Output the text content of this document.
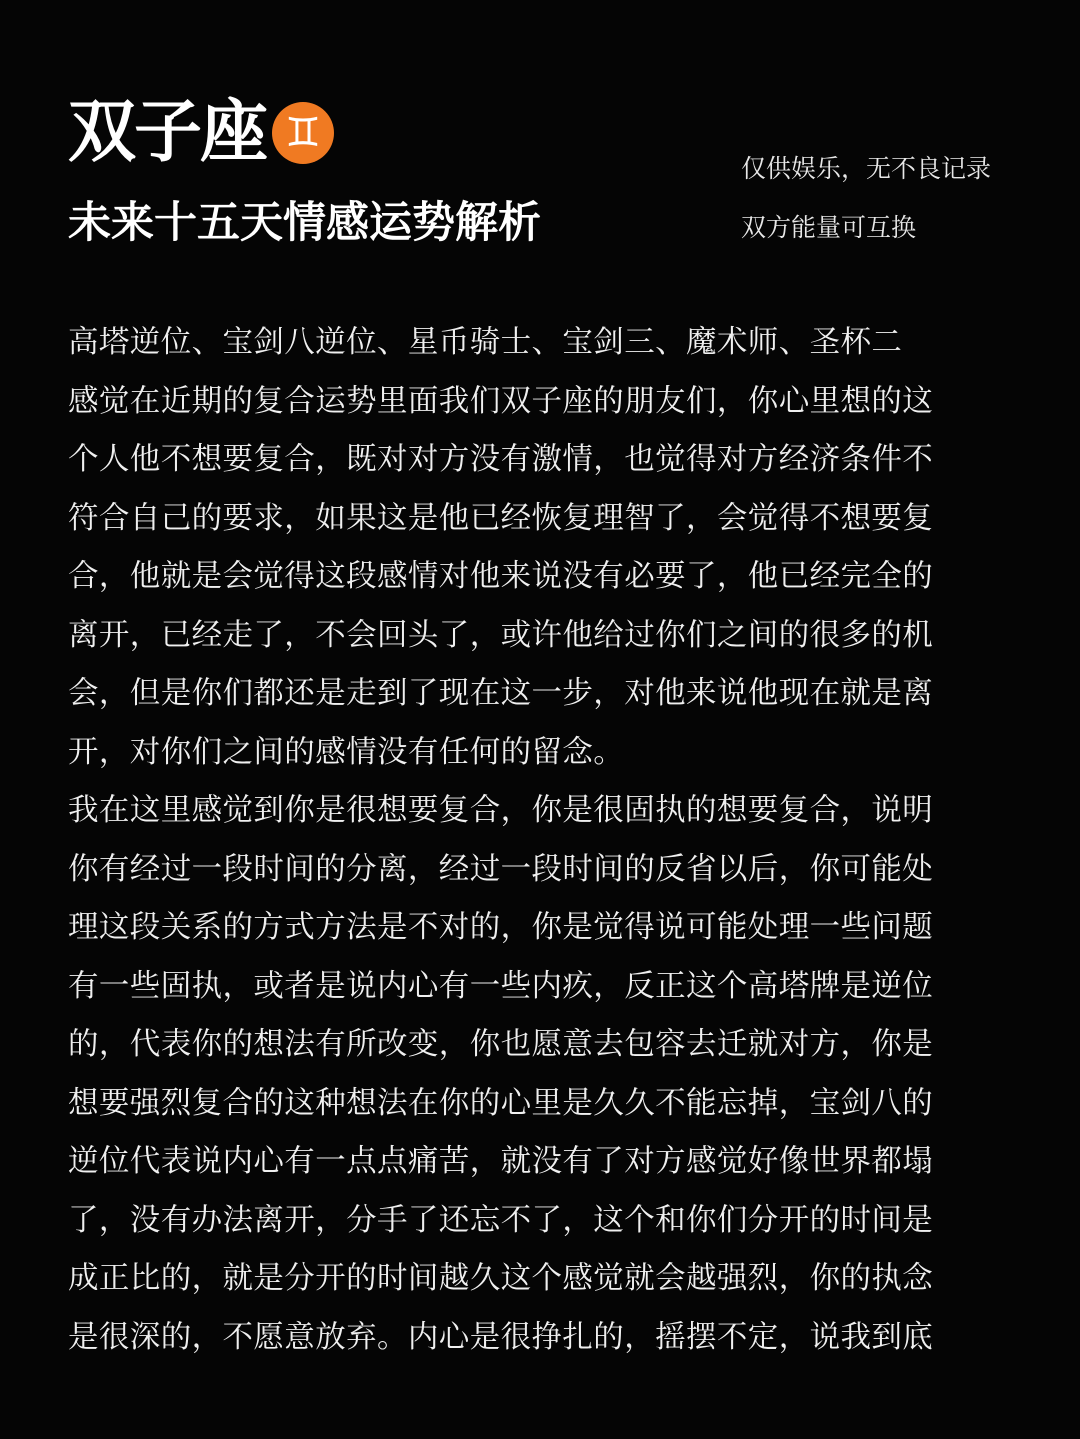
双子座 ♊
未来十五天情感运势解析
仅供娱乐，无不良记录
双方能量可互换
高塔逆位、宝剑八逆位、星币骑士、宝剑三、魔术师、圣杯二
感觉在近期的复合运势里面我们双子座的朋友们，你心里想的这
个人他不想要复合，既对对方没有激情，也觉得对方经济条件不
符合自己的要求，如果这是他已经恢复理智了，会觉得不想要复
合，他就是会觉得这段感情对他来说没有必要了，他已经完全的
离开，已经走了，不会回头了，或许他给过你们之间的很多的机
会，但是你们都还是走到了现在这一步，对他来说他现在就是离
开，对你们之间的感情没有任何的留念。
我在这里感觉到你是很想要复合，你是很固执的想要复合，说明
你有经过一段时间的分离，经过一段时间的反省以后，你可能处
理这段关系的方式方法是不对的，你是觉得说可能处理一些问题
有一些固执，或者是说内心有一些内疚，反正这个高塔牌是逆位
的，代表你的想法有所改变，你也愿意去包容去迁就对方，你是
想要强烈复合的这种想法在你的心里是久久不能忘掉，宝剑八的
逆位代表说内心有一点点痛苦，就没有了对方感觉好像世界都塌
了，没有办法离开，分手了还忘不了，这个和你们分开的时间是
成正比的，就是分开的时间越久这个感觉就会越强烈，你的执念
是很深的，不愿意放弃。内心是很挣扎的，摇摆不定，说我到底
